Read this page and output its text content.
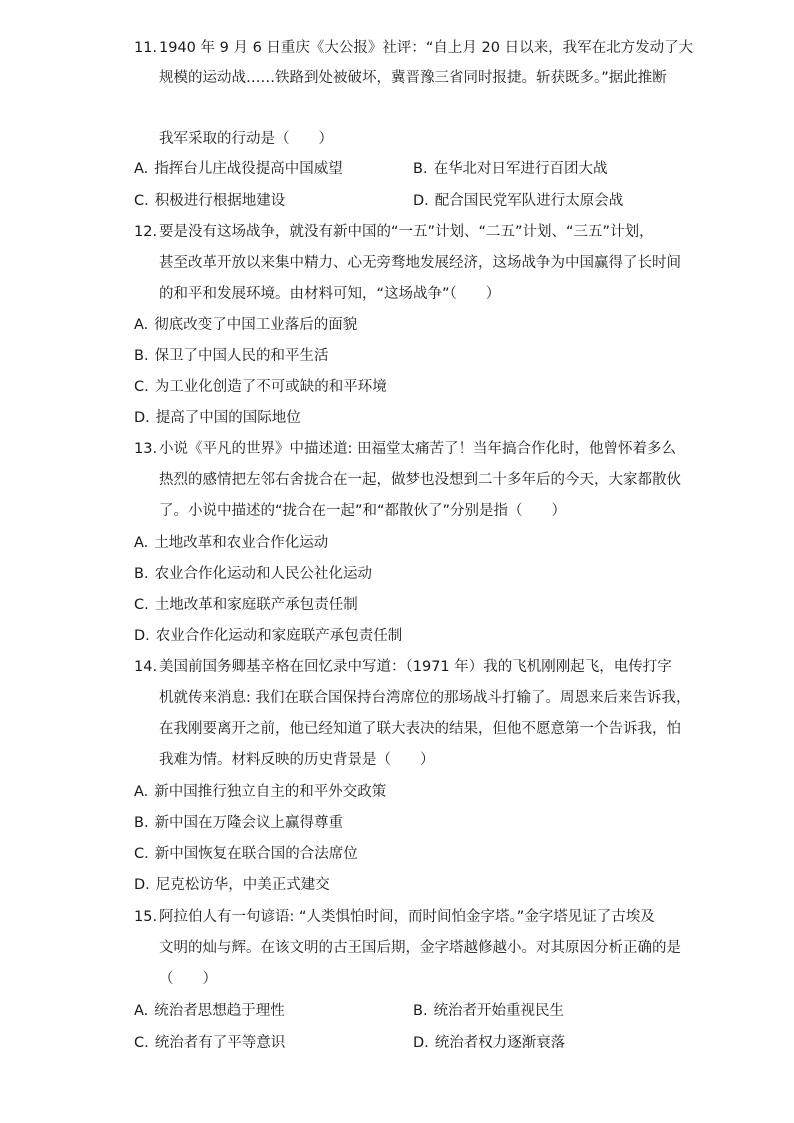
11. 1940 年 9 月 6 日重庆《大公报》社评：“自上月 20 日以来，我军在北方发动了大
规模的运动战……铁路到处被破坏，冀晋豫三省同时报捷。斩获既多。”据此推断
我军采取的行动是（　　）
A. 指挥台儿庄战役提高中国威望	B. 在华北对日军进行百团大战
C. 积极进行根据地建设	D. 配合国民党军队进行太原会战
12. 要是没有这场战争，就没有新中国的“一五”计划、“二五”计划、“三五”计划，
甚至改革开放以来集中精力、心无旁骛地发展经济，这场战争为中国赢得了长时间
的和平和发展环境。由材料可知，“这场战争”（　　）
A. 彻底改变了中国工业落后的面貌
B. 保卫了中国人民的和平生活
C. 为工业化创造了不可或缺的和平环境
D. 提高了中国的国际地位
13. 小说《平凡的世界》中描述道: 田福堂太痛苦了！当年搞合作化时，他曾怀着多么
热烈的感情把左邻右舍拢合在一起，做梦也没想到二十多年后的今天，大家都散伙
了。小说中描述的“拢合在一起”和“都散伙了”分别是指（　　）
A. 土地改革和农业合作化运动
B. 农业合作化运动和人民公社化运动
C. 土地改革和家庭联产承包责任制
D. 农业合作化运动和家庭联产承包责任制
14. 美国前国务卿基辛格在回忆录中写道：（1971 年）我的飞机刚刚起飞，电传打字
机就传来消息: 我们在联合国保持台湾席位的那场战斗打输了。周恩来后来告诉我，
在我刚要离开之前，他已经知道了联大表决的结果，但他不愿意第一个告诉我，怕
我难为情。材料反映的历史背景是（　　）
A. 新中国推行独立自主的和平外交政策
B. 新中国在万隆会议上赢得尊重
C. 新中国恢复在联合国的合法席位
D. 尼克松访华，中美正式建交
15. 阿拉伯人有一句谚语: “人类惧怕时间，而时间怕金字塔。”金字塔见证了古埃及
文明的灿与辉。在该文明的古王国后期，金字塔越修越小。对其原因分析正确的是
（　　）
A. 统治者思想趋于理性	B. 统治者开始重视民生
C. 统治者有了平等意识	D. 统治者权力逐渐衰落
